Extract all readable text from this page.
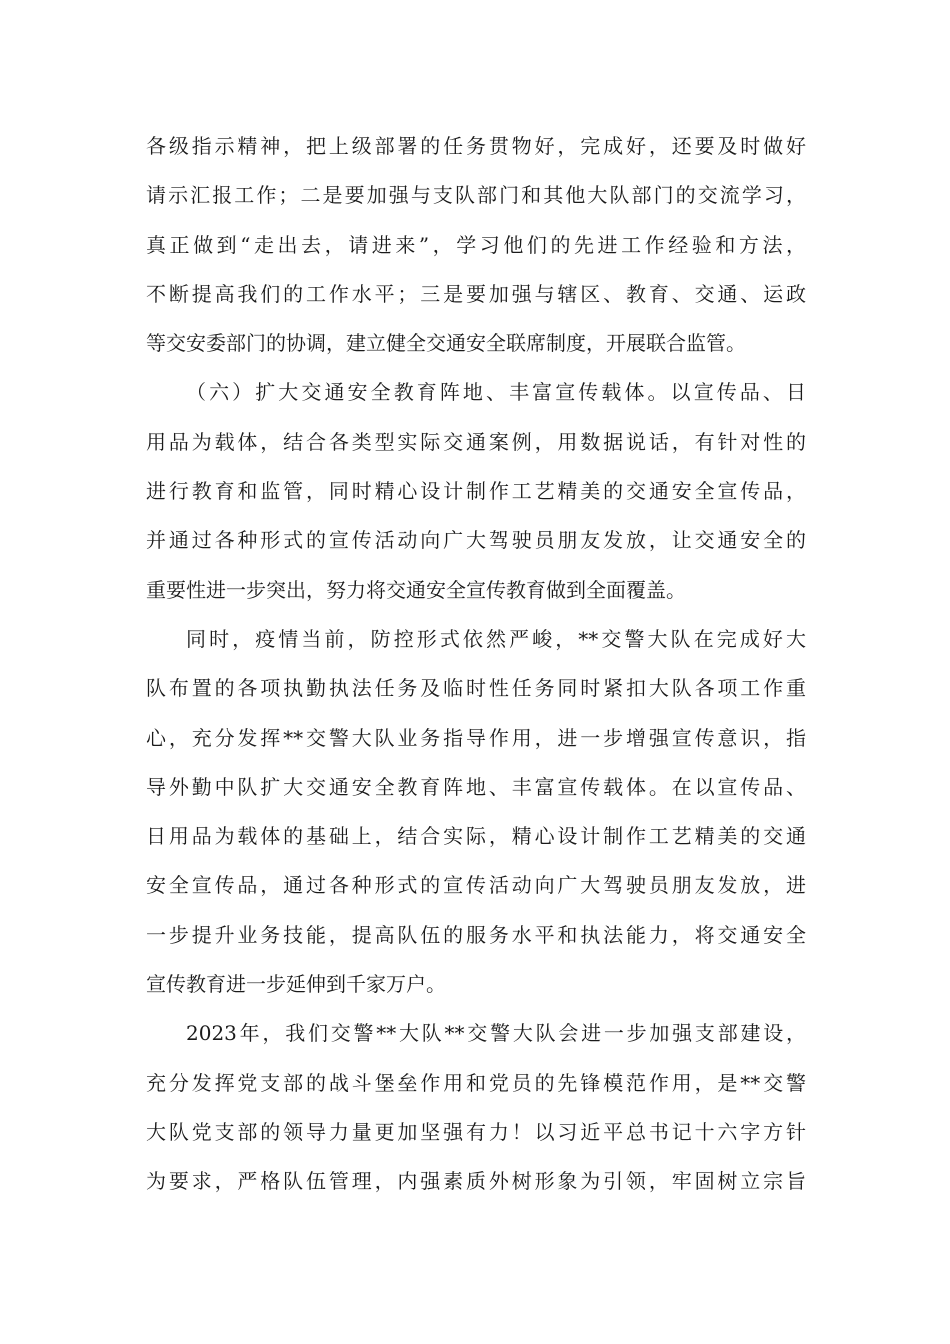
各级指示精神，把上级部署的任务贯物好，完成好，还要及时做好
请示汇报工作；二是要加强与支队部门和其他大队部门的交流学习，
真正做到“走出去，请进来”，学习他们的先进工作经验和方法，
不断提高我们的工作水平；三是要加强与辖区、教育、交通、运政
等交安委部门的协调，建立健全交通安全联席制度，开展联合监管。
（六）扩大交通安全教育阵地、丰富宣传载体。以宣传品、日
用品为载体，结合各类型实际交通案例，用数据说话，有针对性的
进行教育和监管，同时精心设计制作工艺精美的交通安全宣传品，
并通过各种形式的宣传活动向广大驾驶员朋友发放，让交通安全的
重要性进一步突出，努力将交通安全宣传教育做到全面覆盖。
同时，疫情当前，防控形式依然严峻，**交警大队在完成好大
队布置的各项执勤执法任务及临时性任务同时紧扣大队各项工作重
心，充分发挥**交警大队业务指导作用，进一步增强宣传意识，指
导外勤中队扩大交通安全教育阵地、丰富宣传载体。在以宣传品、
日用品为载体的基础上，结合实际，精心设计制作工艺精美的交通
安全宣传品，通过各种形式的宣传活动向广大驾驶员朋友发放，进
一步提升业务技能，提高队伍的服务水平和执法能力，将交通安全
宣传教育进一步延伸到千家万户。
2023年，我们交警**大队**交警大队会进一步加强支部建设，
充分发挥党支部的战斗堡垒作用和党员的先锋模范作用，是**交警
大队党支部的领导力量更加坚强有力！以习近平总书记十六字方针
为要求，严格队伍管理，内强素质外树形象为引领，牢固树立宗旨
